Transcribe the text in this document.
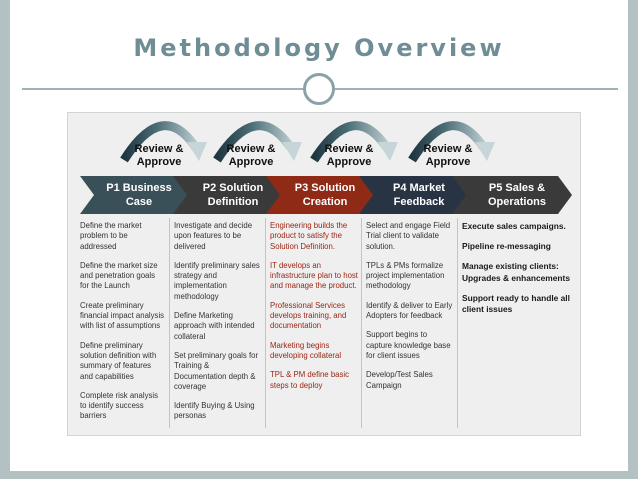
Methodology Overview
Review & Approve
Review & Approve
Review & Approve
Review & Approve
P1 Business
Case
P2 Solution
Definition
P3 Solution
Creation
P4 Market
Feedback
P5 Sales &
Operations

Define the market problem to be addressed

Define the market size and penetration goals for the Launch

Create preliminary financial impact analysis with list of assumptions

Define preliminary solution definition with summary of features and capabilities

Complete risk analysis to identify success barriers

Investigate and decide upon features to be delivered

Identify preliminary sales strategy and implementation methodology

Define Marketing approach with intended collateral

Set preliminary goals for Training & Documentation depth & coverage

Identify Buying & Using personas

Engineering builds the product to satisfy the Solution Definition.

IT develops an infrastructure plan to host and manage the product.

Professional Services develops training, and documentation

Marketing begins developing collateral

TPL & PM define basic steps to deploy

Select and engage Field Trial client to validate solution.

TPLs & PMs formalize project implementation methodology

Identify & deliver to Early Adopters for feedback

Support begins to capture knowledge base for client issues

Develop/Test Sales Campaign

Execute sales campaigns.

Pipeline re-messaging

Manage existing clients: Upgrades & enhancements

Support ready to handle all client issues
